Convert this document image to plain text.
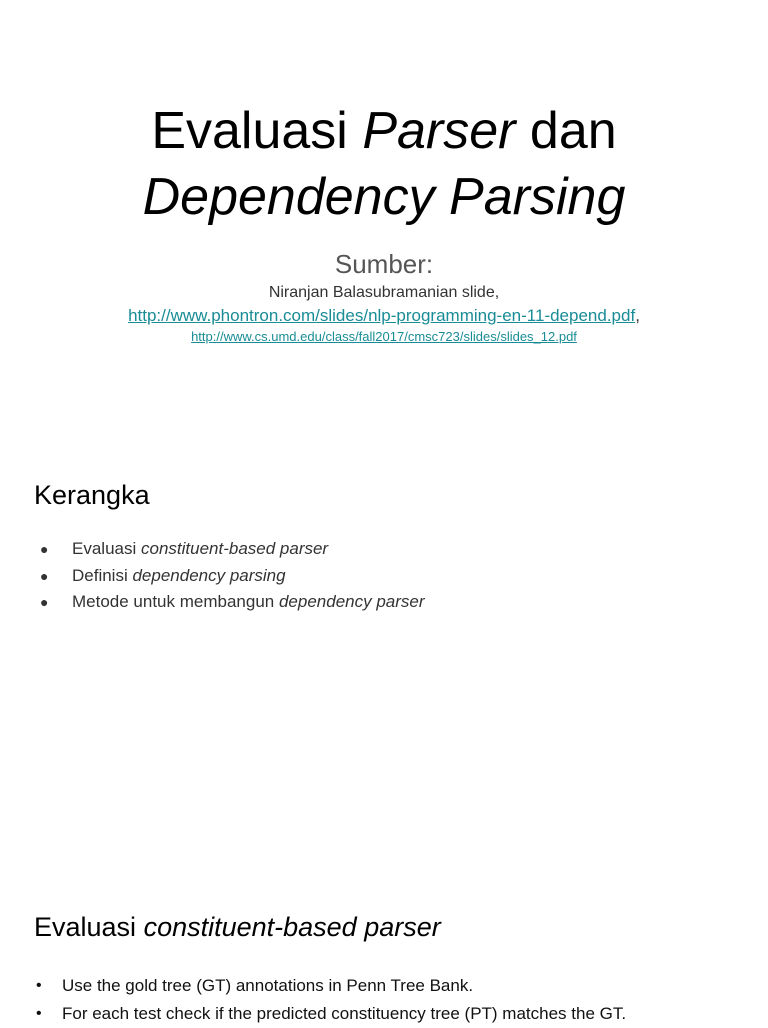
Evaluasi Parser dan
Dependency Parsing
Sumber:
Niranjan Balasubramanian slide,
http://www.phontron.com/slides/nlp-programming-en-11-depend.pdf,
http://www.cs.umd.edu/class/fall2017/cmsc723/slides/slides_12.pdf
Kerangka
● Evaluasi constituent-based parser
● Definisi dependency parsing
● Metode untuk membangun dependency parser
Evaluasi constituent-based parser
• Use the gold tree (GT) annotations in Penn Tree Bank.
• For each test check if the predicted constituency tree (PT) matches the GT.
